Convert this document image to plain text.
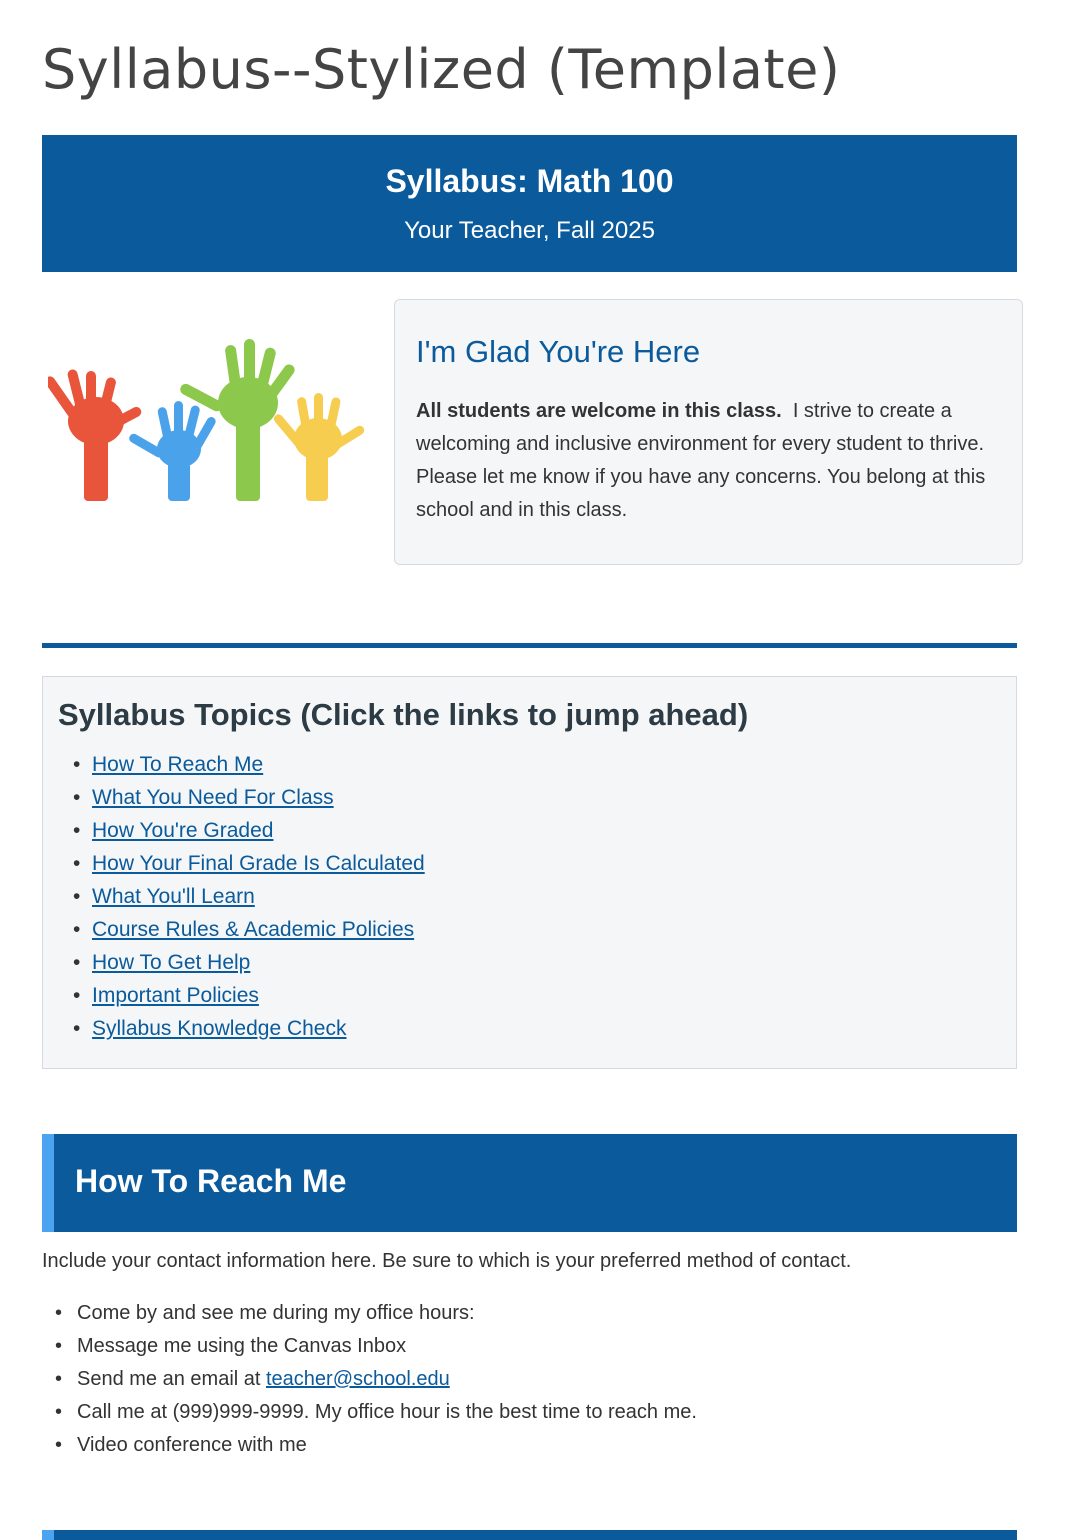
Syllabus--Stylized (Template)
Syllabus: Math 100
Your Teacher, Fall 2025
I'm Glad You're Here

All students are welcome in this class. I strive to create a welcoming and inclusive environment for every student to thrive. Please let me know if you have any concerns. You belong at this school and in this class.

Syllabus Topics (Click the links to jump ahead)
• How To Reach Me
• What You Need For Class
• How You're Graded
• How Your Final Grade Is Calculated
• What You'll Learn
• Course Rules & Academic Policies
• How To Get Help
• Important Policies
• Syllabus Knowledge Check
How To Reach Me

Include your contact information here. Be sure to which is your preferred method of contact.

• Come by and see me during my office hours:
• Message me using the Canvas Inbox
• Send me an email at teacher@school.edu
• Call me at (999)999-9999. My office hour is the best time to reach me.
• Video conference with me
